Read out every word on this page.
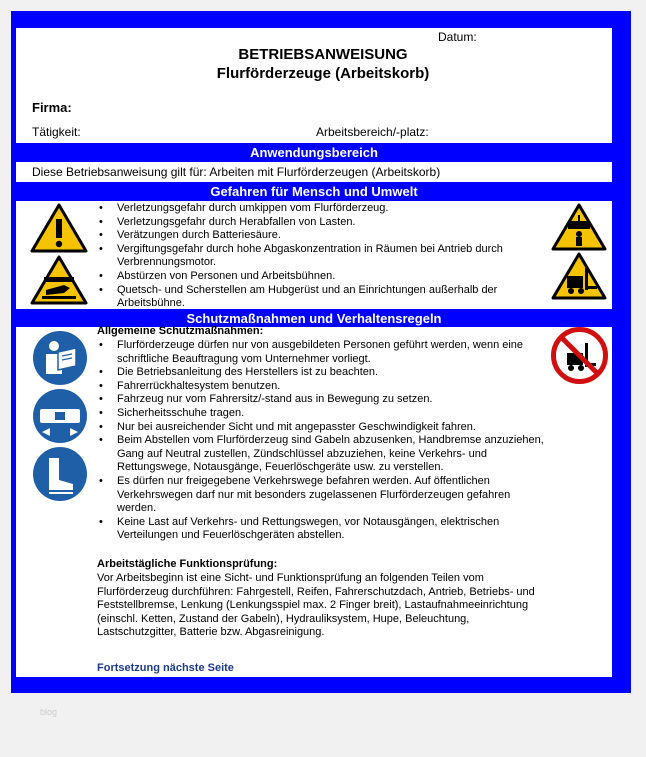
Datum:
BETRIEBSANWEISUNG
Flurförderzeuge (Arbeitskorb)
Firma:
Tätigkeit:	Arbeitsbereich/-platz:
Anwendungsbereich
Diese Betriebsanweisung gilt für: Arbeiten mit Flurförderzeugen (Arbeitskorb)
Gefahren für Mensch und Umwelt
• Verletzungsgefahr durch umkippen vom Flurförderzeug.
• Verletzungsgefahr durch Herabfallen von Lasten.
• Verätzungen durch Batteriesäure.
• Vergiftungsgefahr durch hohe Abgaskonzentration in Räumen bei Antrieb durch Verbrennungsmotor.
• Abstürzen von Personen und Arbeitsbühnen.
• Quetsch- und Scherstellen am Hubgerüst und an Einrichtungen außerhalb der Arbeitsbühne.
Schutzmaßnahmen und Verhaltensregeln
Allgemeine Schutzmaßnahmen:
• Flurförderzeuge dürfen nur von ausgebildeten Personen geführt werden, wenn eine schriftliche Beauftragung vom Unternehmer vorliegt.
• Die Betriebsanleitung des Herstellers ist zu beachten.
• Fahrerrückhaltesystem benutzen.
• Fahrzeug nur vom Fahrersitz/-stand aus in Bewegung zu setzen.
• Sicherheitsschuhe tragen.
• Nur bei ausreichender Sicht und mit angepasster Geschwindigkeit fahren.
• Beim Abstellen vom Flurförderzeug sind Gabeln abzusenken, Handbremse anzuziehen, Gang auf Neutral zustellen, Zündschlüssel abzuziehen, keine Verkehrs- und Rettungswege, Notausgänge, Feuerlöschgeräte usw. zu verstellen.
• Es dürfen nur freigegebene Verkehrswege befahren werden. Auf öffentlichen Verkehrswegen darf nur mit besonders zugelassenen Flurförderzeugen gefahren werden.
• Keine Last auf Verkehrs- und Rettungswegen, vor Notausgängen, elektrischen Verteilungen und Feuerlöschgeräten abstellen.
Arbeitstägliche Funktionsprüfung:
Vor Arbeitsbeginn ist eine Sicht- und Funktionsprüfung an folgenden Teilen vom Flurförderzeug durchführen: Fahrgestell, Reifen, Fahrerschutzdach, Antrieb, Betriebs- und Feststellbremse, Lenkung (Lenkungsspiel max. 2 Finger breit), Lastaufnahmeeinrichtung (einschl. Ketten, Zustand der Gabeln), Hydrauliksystem, Hupe, Beleuchtung, Lastschutzgitter, Batterie bzw. Abgasreinigung.
Fortsetzung nächste Seite
blog
